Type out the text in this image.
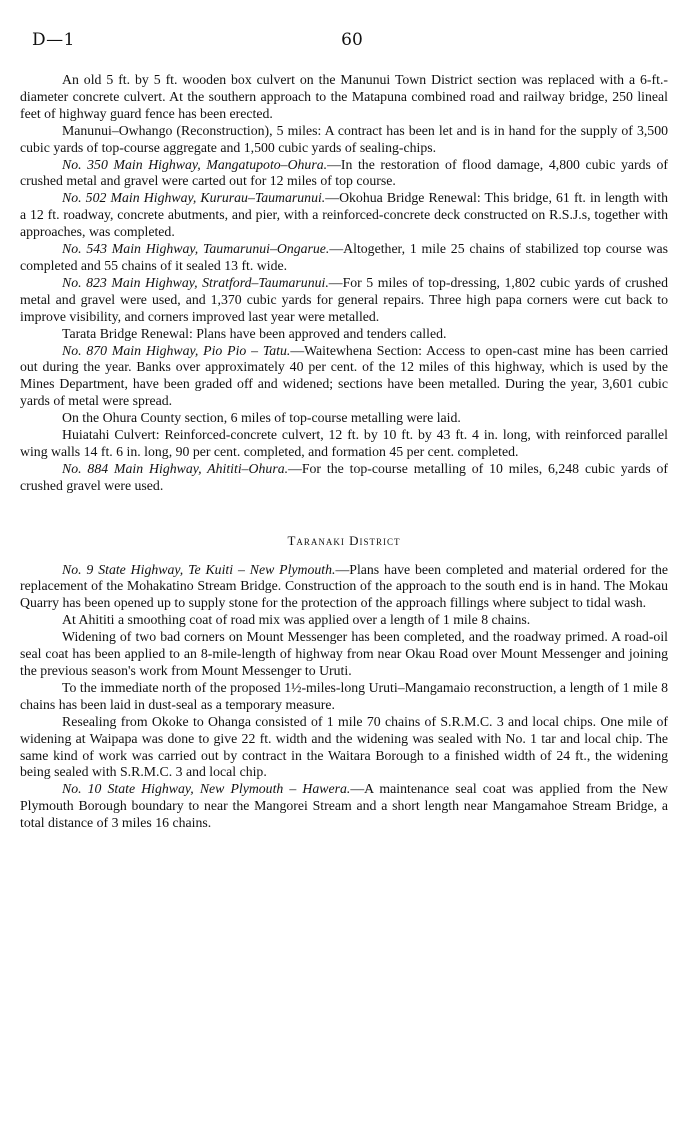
D—1	60

An old 5 ft. by 5 ft. wooden box culvert on the Manunui Town District section was replaced with a 6-ft.-diameter concrete culvert. At the southern approach to the Matapuna combined road and railway bridge, 250 lineal feet of highway guard fence has been erected.

Manunui–Owhango (Reconstruction), 5 miles: A contract has been let and is in hand for the supply of 3,500 cubic yards of top-course aggregate and 1,500 cubic yards of sealing-chips.

No. 350 Main Highway, Mangatupoto–Ohura.—In the restoration of flood damage, 4,800 cubic yards of crushed metal and gravel were carted out for 12 miles of top course.

No. 502 Main Highway, Kururau–Taumarunui.—Okohua Bridge Renewal: This bridge, 61 ft. in length with a 12 ft. roadway, concrete abutments, and pier, with a reinforced-concrete deck constructed on R.S.J.s, together with approaches, was completed.

No. 543 Main Highway, Taumarunui–Ongarue.—Altogether, 1 mile 25 chains of stabilized top course was completed and 55 chains of it sealed 13 ft. wide.

No. 823 Main Highway, Stratford–Taumarunui.—For 5 miles of top-dressing, 1,802 cubic yards of crushed metal and gravel were used, and 1,370 cubic yards for general repairs. Three high papa corners were cut back to improve visibility, and corners improved last year were metalled.

Tarata Bridge Renewal: Plans have been approved and tenders called.

No. 870 Main Highway, Pio Pio – Tatu.—Waitewhena Section: Access to open-cast mine has been carried out during the year. Banks over approximately 40 per cent. of the 12 miles of this highway, which is used by the Mines Department, have been graded off and widened; sections have been metalled. During the year, 3,601 cubic yards of metal were spread.

On the Ohura County section, 6 miles of top-course metalling were laid.

Huiatahi Culvert: Reinforced-concrete culvert, 12 ft. by 10 ft. by 43 ft. 4 in. long, with reinforced parallel wing walls 14 ft. 6 in. long, 90 per cent. completed, and formation 45 per cent. completed.

No. 884 Main Highway, Ahititi–Ohura.—For the top-course metalling of 10 miles, 6,248 cubic yards of crushed gravel were used.

Taranaki District

No. 9 State Highway, Te Kuiti – New Plymouth.—Plans have been completed and material ordered for the replacement of the Mohakatino Stream Bridge. Construction of the approach to the south end is in hand. The Mokau Quarry has been opened up to supply stone for the protection of the approach fillings where subject to tidal wash.

At Ahititi a smoothing coat of road mix was applied over a length of 1 mile 8 chains.

Widening of two bad corners on Mount Messenger has been completed, and the roadway primed. A road-oil seal coat has been applied to an 8-mile-length of highway from near Okau Road over Mount Messenger and joining the previous season's work from Mount Messenger to Uruti.

To the immediate north of the proposed 1½-miles-long Uruti–Mangamaio reconstruction, a length of 1 mile 8 chains has been laid in dust-seal as a temporary measure.

Resealing from Okoke to Ohanga consisted of 1 mile 70 chains of S.R.M.C. 3 and local chips. One mile of widening at Waipapa was done to give 22 ft. width and the widening was sealed with No. 1 tar and local chip. The same kind of work was carried out by contract in the Waitara Borough to a finished width of 24 ft., the widening being sealed with S.R.M.C. 3 and local chip.

No. 10 State Highway, New Plymouth – Hawera.—A maintenance seal coat was applied from the New Plymouth Borough boundary to near the Mangorei Stream and a short length near Mangamahoe Stream Bridge, a total distance of 3 miles 16 chains.
